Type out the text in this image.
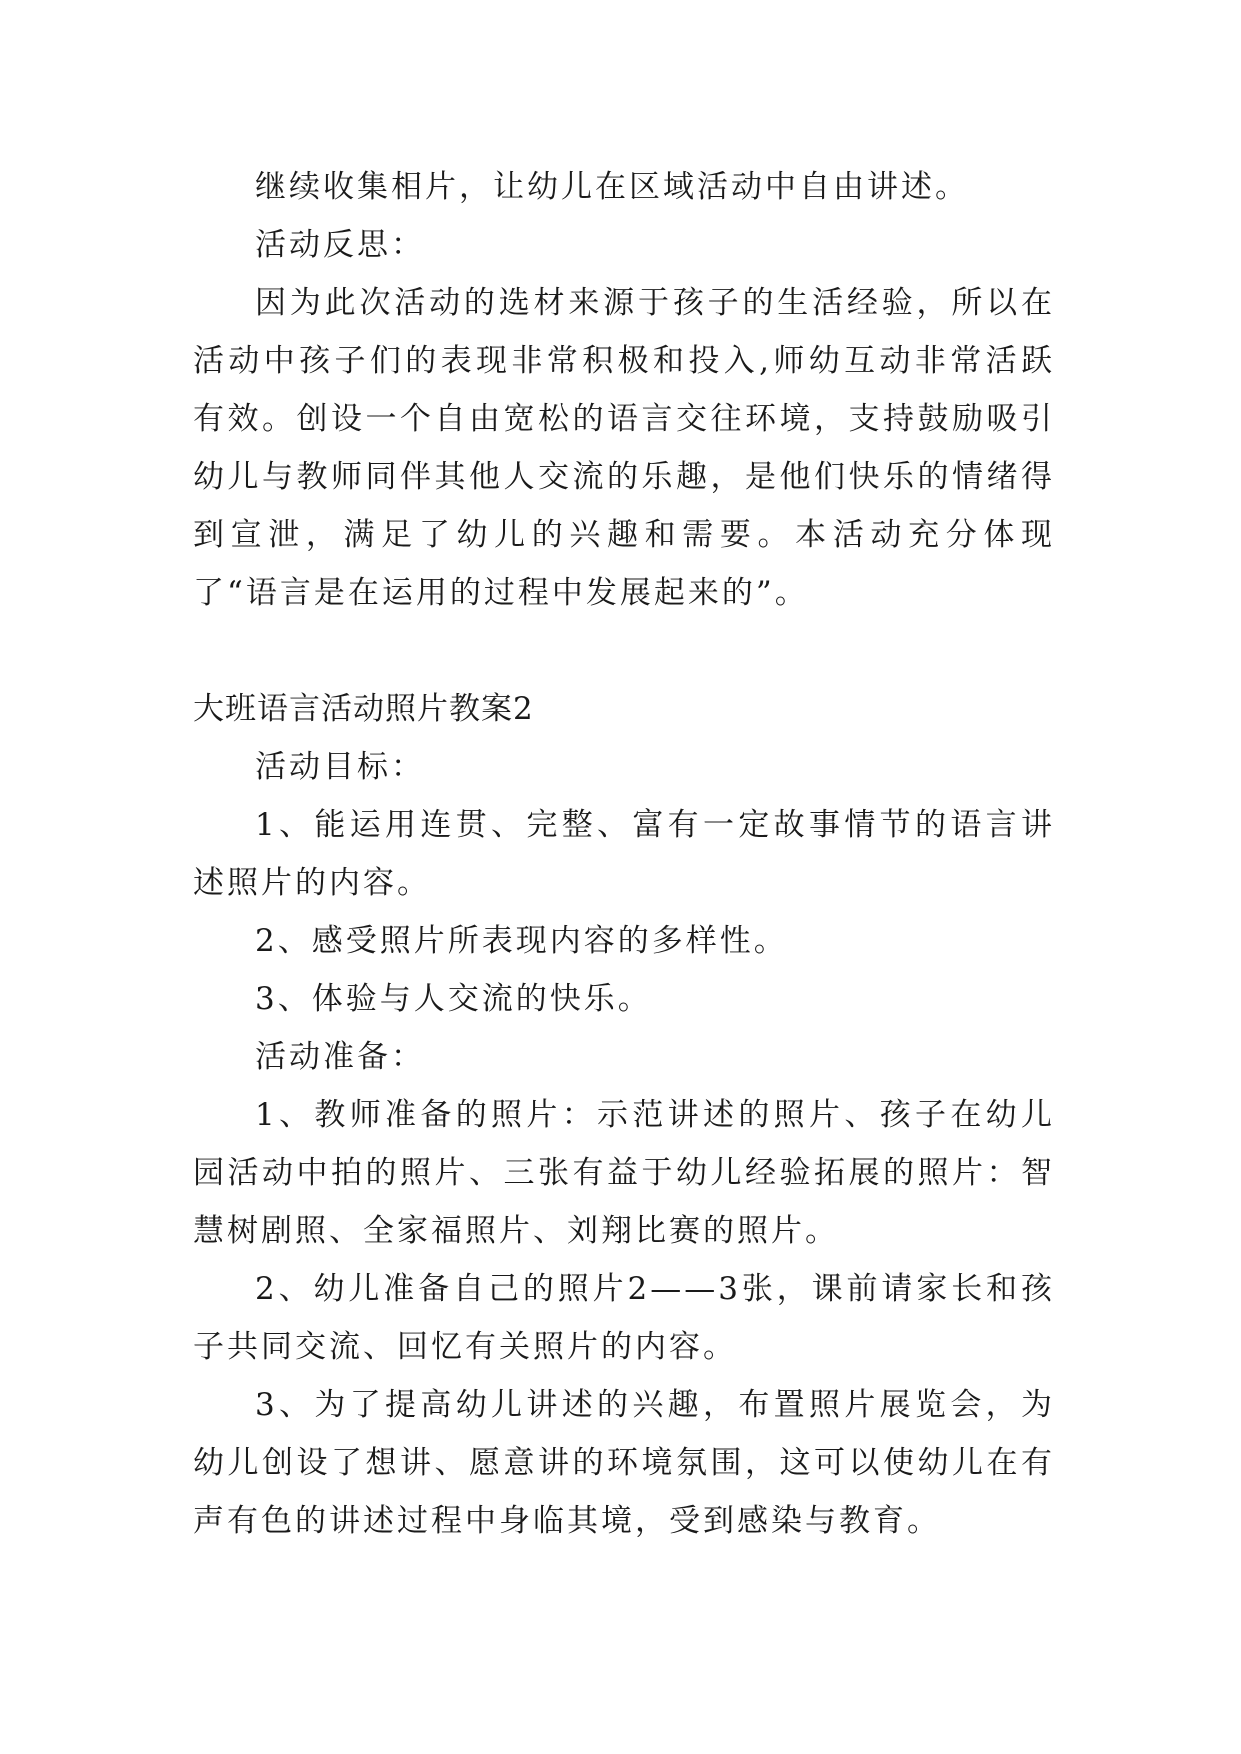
继续收集相片，让幼儿在区域活动中自由讲述。

活动反思：

因为此次活动的选材来源于孩子的生活经验，所以在活动中孩子们的表现非常积极和投入,师幼互动非常活跃有效。创设一个自由宽松的语言交往环境，支持鼓励吸引幼儿与教师同伴其他人交流的乐趣，是他们快乐的情绪得到宣泄，满足了幼儿的兴趣和需要。本活动充分体现了“语言是在运用的过程中发展起来的”。

大班语言活动照片教案2

活动目标：

1、能运用连贯、完整、富有一定故事情节的语言讲述照片的内容。

2、感受照片所表现内容的多样性。

3、体验与人交流的快乐。

活动准备：

1、教师准备的照片：示范讲述的照片、孩子在幼儿园活动中拍的照片、三张有益于幼儿经验拓展的照片：智慧树剧照、全家福照片、刘翔比赛的照片。

2、幼儿准备自己的照片2——3张，课前请家长和孩子共同交流、回忆有关照片的内容。

3、为了提高幼儿讲述的兴趣，布置照片展览会，为幼儿创设了想讲、愿意讲的环境氛围，这可以使幼儿在有声有色的讲述过程中身临其境，受到感染与教育。
